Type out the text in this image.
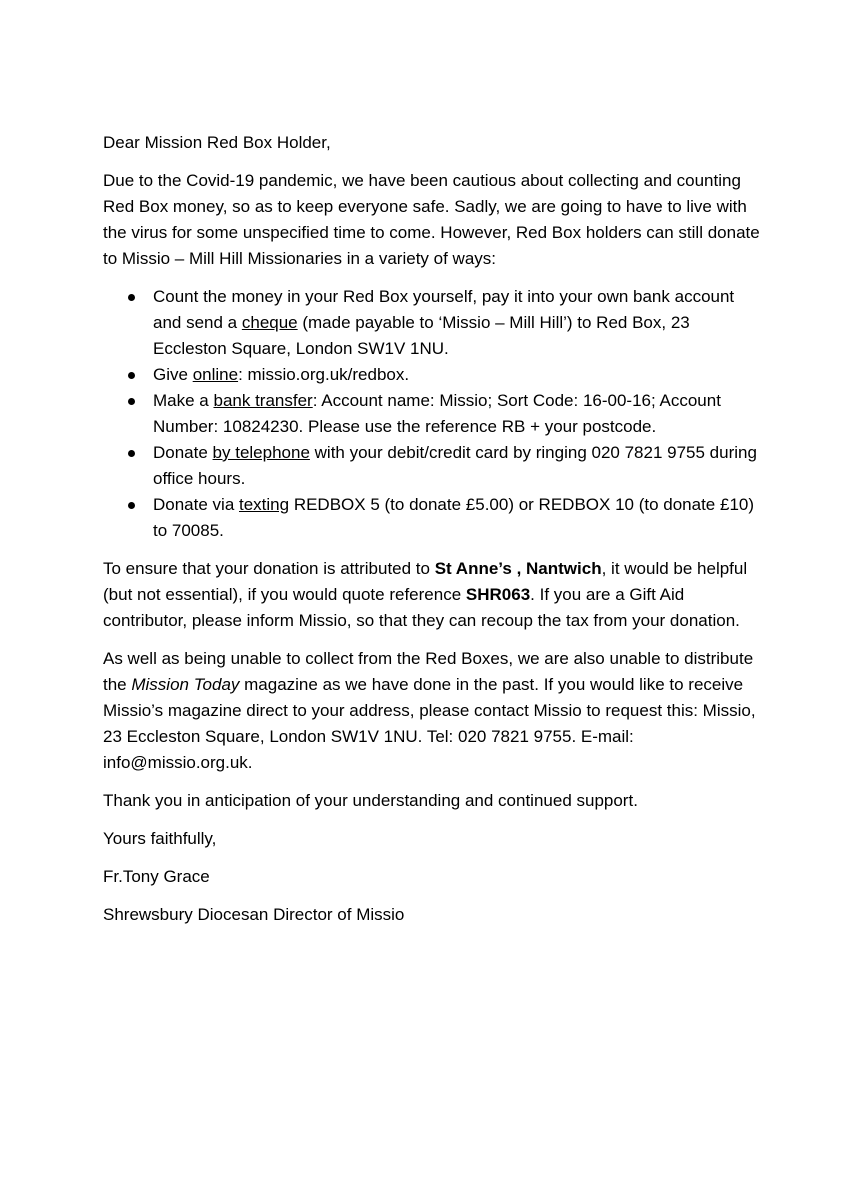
Dear Mission Red Box Holder,

Due to the Covid-19 pandemic, we have been cautious about collecting and counting Red Box money, so as to keep everyone safe. Sadly, we are going to have to live with the virus for some unspecified time to come. However, Red Box holders can still donate to Missio – Mill Hill Missionaries in a variety of ways:

Count the money in your Red Box yourself, pay it into your own bank account and send a cheque (made payable to ‘Missio – Mill Hill’) to Red Box, 23 Eccleston Square, London SW1V 1NU.
Give online: missio.org.uk/redbox.
Make a bank transfer: Account name: Missio; Sort Code: 16-00-16; Account Number: 10824230. Please use the reference RB + your postcode.
Donate by telephone with your debit/credit card by ringing 020 7821 9755 during office hours.
Donate via texting REDBOX 5 (to donate £5.00) or REDBOX 10 (to donate £10) to 70085.

To ensure that your donation is attributed to St Anne’s , Nantwich, it would be helpful (but not essential), if you would quote reference SHR063. If you are a Gift Aid contributor, please inform Missio, so that they can recoup the tax from your donation.

As well as being unable to collect from the Red Boxes, we are also unable to distribute the Mission Today magazine as we have done in the past. If you would like to receive Missio’s magazine direct to your address, please contact Missio to request this: Missio, 23 Eccleston Square, London SW1V 1NU. Tel: 020 7821 9755. E-mail: info@missio.org.uk.

Thank you in anticipation of your understanding and continued support.

Yours faithfully,

Fr.Tony Grace

Shrewsbury Diocesan Director of Missio
